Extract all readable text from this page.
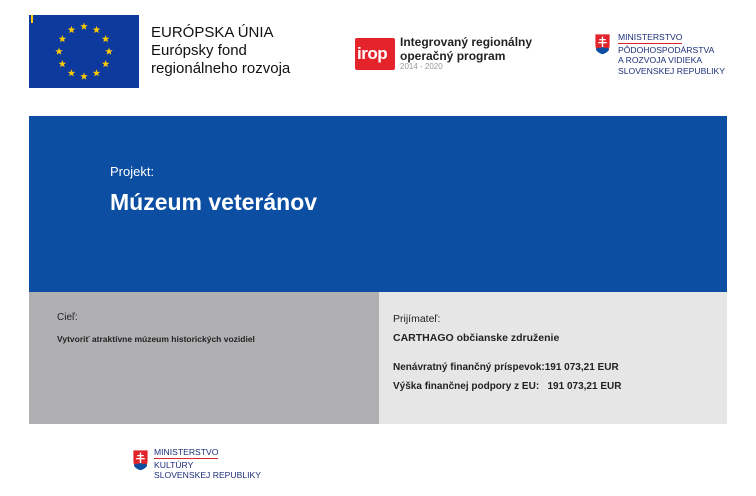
EURÓPSKA ÚNIA
Európsky fond
regionálneho rozvoja
irop
Integrovaný regionálny
operačný program
2014 - 2020
MINISTERSTVO
PÔDOHOSPODÁRSTVA
A ROZVOJA VIDIEKA
SLOVENSKEJ REPUBLIKY
Projekt:
Múzeum veteránov
Cieľ:
Vytvoriť atraktívne múzeum historických vozidiel
Prijímateľ:
CARTHAGO občianske združenie
Nenávratný finančný príspevok:191 073,21 EUR
Výška finančnej podpory z EU: 191 073,21 EUR
MINISTERSTVO
KULTÚRY
SLOVENSKEJ REPUBLIKY
